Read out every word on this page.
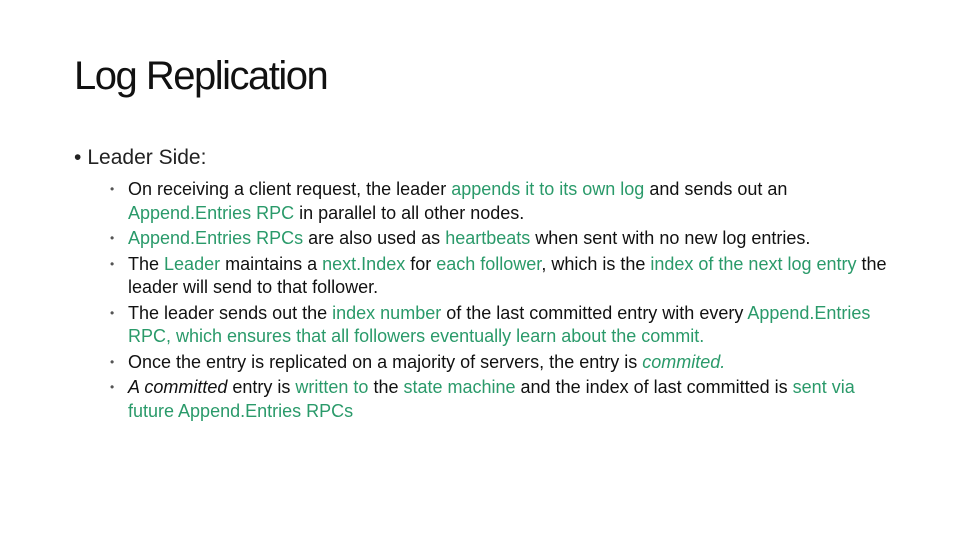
Log Replication
• Leader Side:
• On receiving a client request, the leader appends it to its own log and sends out an Append.Entries RPC in parallel to all other nodes.
• Append.Entries RPCs are also used as heartbeats when sent with no new log entries.
• The Leader maintains a next.Index for each follower, which is the index of the next log entry the leader will send to that follower.
• The leader sends out the index number of the last committed entry with every Append.Entries RPC, which ensures that all followers eventually learn about the commit.
• Once the entry is replicated on a majority of servers, the entry is commited.
• A committed entry is written to the state machine and the index of last committed is sent via future Append.Entries RPCs
